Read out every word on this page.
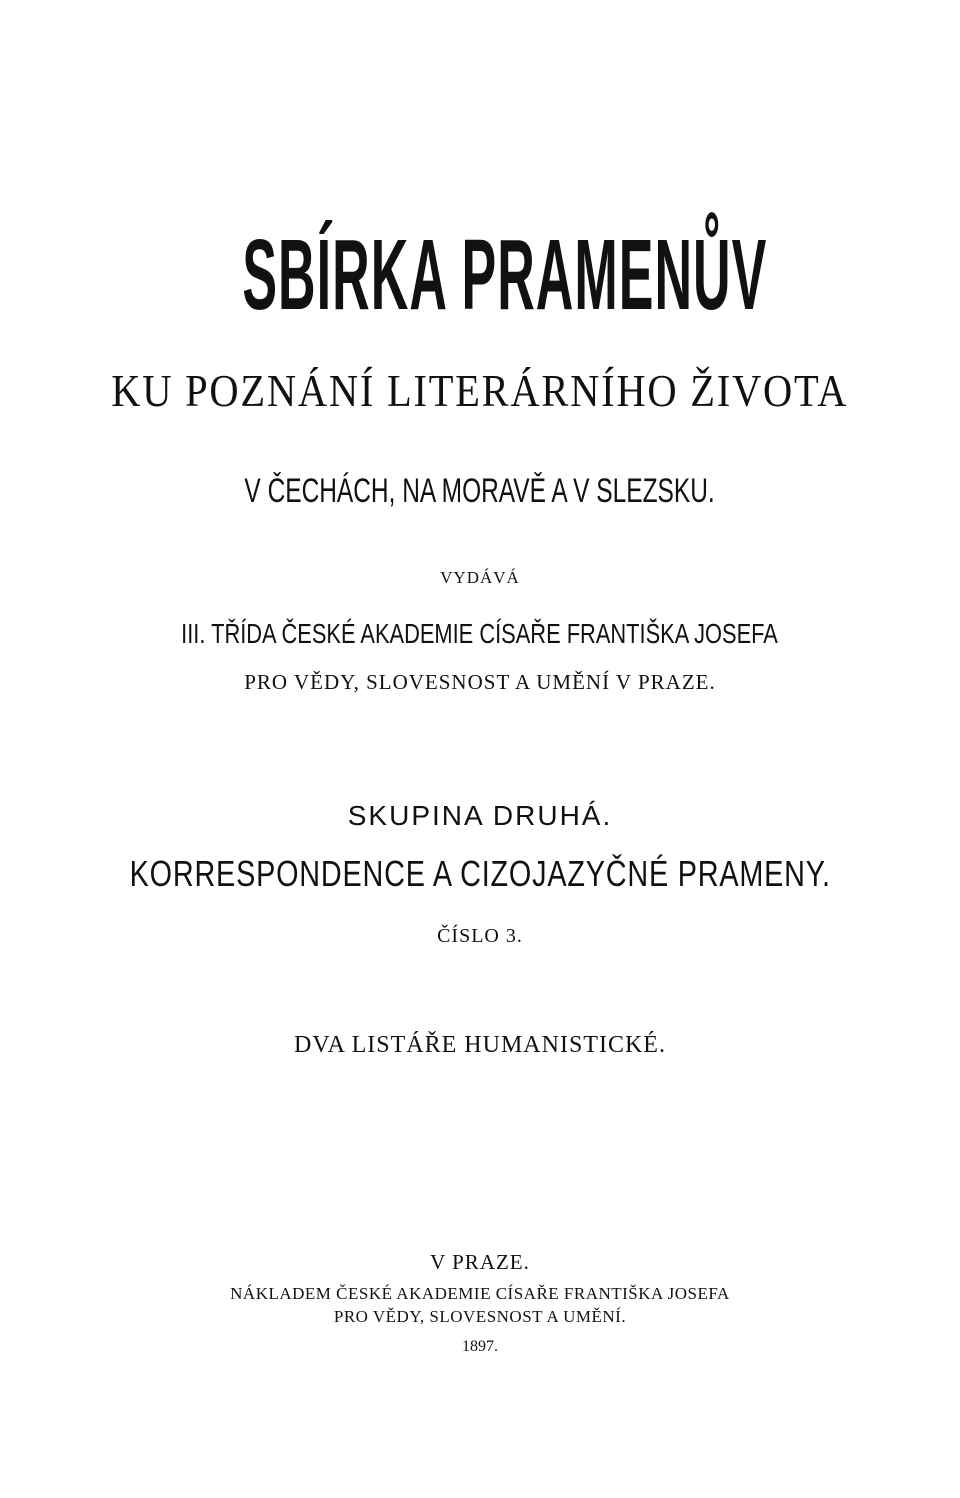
SBÍRKA PRAMENŮV
KU POZNÁNÍ LITERÁRNÍHO ŽIVOTA
V ČECHÁCH, NA MORAVĚ A V SLEZSKU.

VYDÁVÁ

III. TŘÍDA ČESKÉ AKADEMIE CÍSAŘE FRANTIŠKA JOSEFA

PRO VĚDY, SLOVESNOST A UMĚNÍ V PRAZE.

SKUPINA DRUHÁ.

KORRESPONDENCE A CIZOJAZYČNÉ PRAMENY.

ČÍSLO 3.

DVA LISTÁŘE HUMANISTICKÉ.

V PRAZE.

NÁKLADEM ČESKÉ AKADEMIE CÍSAŘE FRANTIŠKA JOSEFA

PRO VĚDY, SLOVESNOST A UMĚNÍ.

1897.
